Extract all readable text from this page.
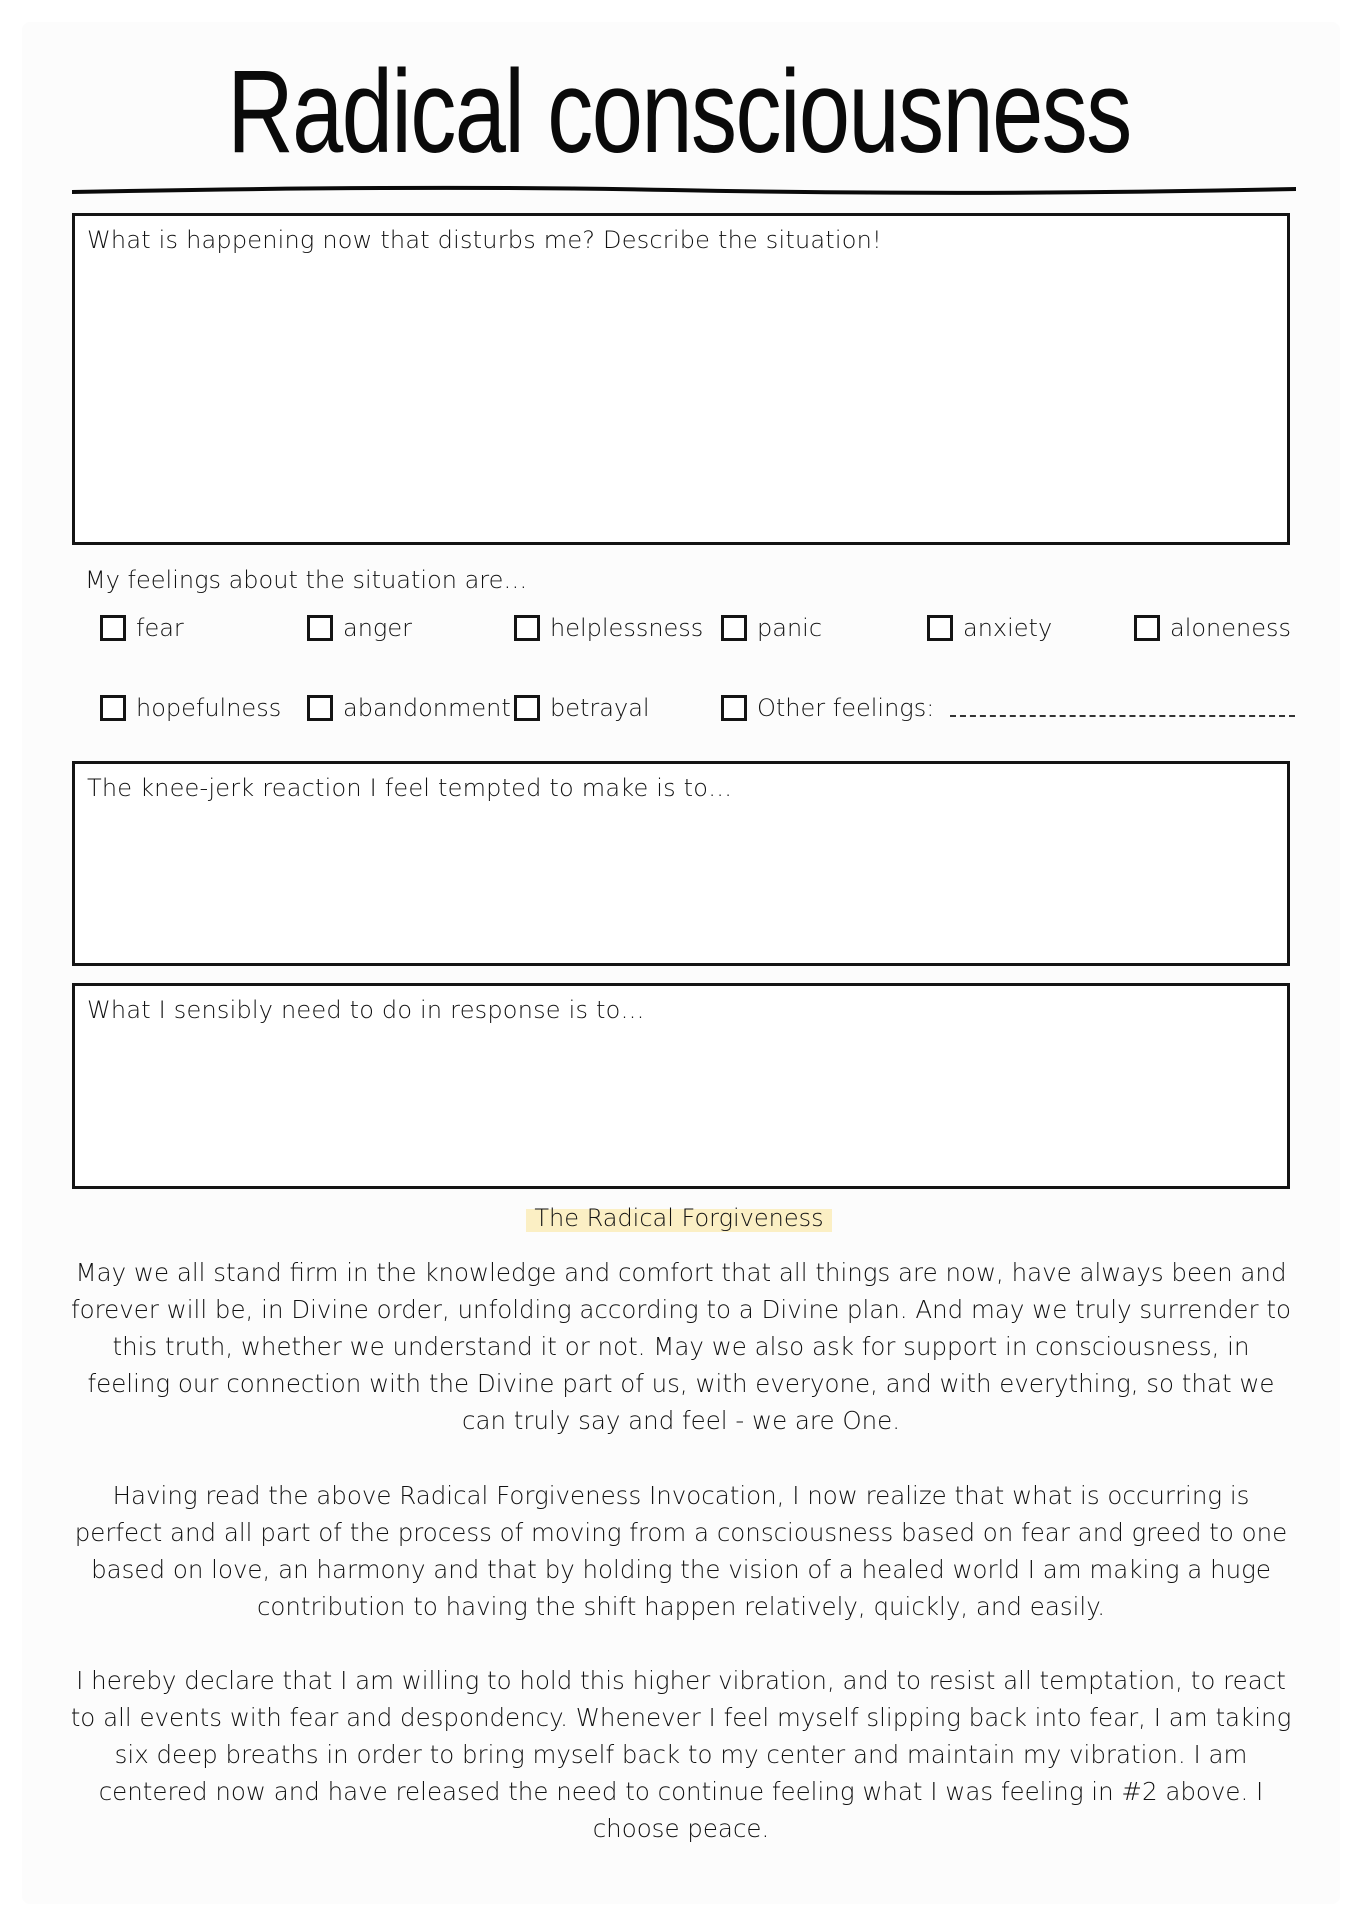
Radical consciousness
What is happening now that disturbs me? Describe the situation!
My feelings about the situation are…
fear	anger	helplessness panic	anxiety	aloneness
hopefulness	abandonment betrayal	Other feelings:
The knee-jerk reaction I feel tempted to make is to…
What I sensibly need to do in response is to…
The Radical Forgiveness

May we all stand firm in the knowledge and comfort that all things are now, have always been and forever will be, in Divine order, unfolding according to a Divine plan. And may we truly surrender to this truth, whether we understand it or not. May we also ask for support in consciousness, in feeling our connection with the Divine part of us, with everyone, and with everything, so that we can truly say and feel - we are One.

Having read the above Radical Forgiveness Invocation, I now realize that what is occurring is perfect and all part of the process of moving from a consciousness based on fear and greed to one based on love, an harmony and that by holding the vision of a healed world I am making a huge contribution to having the shift happen relatively, quickly, and easily.

I hereby declare that I am willing to hold this higher vibration, and to resist all temptation, to react to all events with fear and despondency. Whenever I feel myself slipping back into fear, I am taking six deep breaths in order to bring myself back to my center and maintain my vibration. I am centered now and have released the need to continue feeling what I was feeling in #2 above. I choose peace.
